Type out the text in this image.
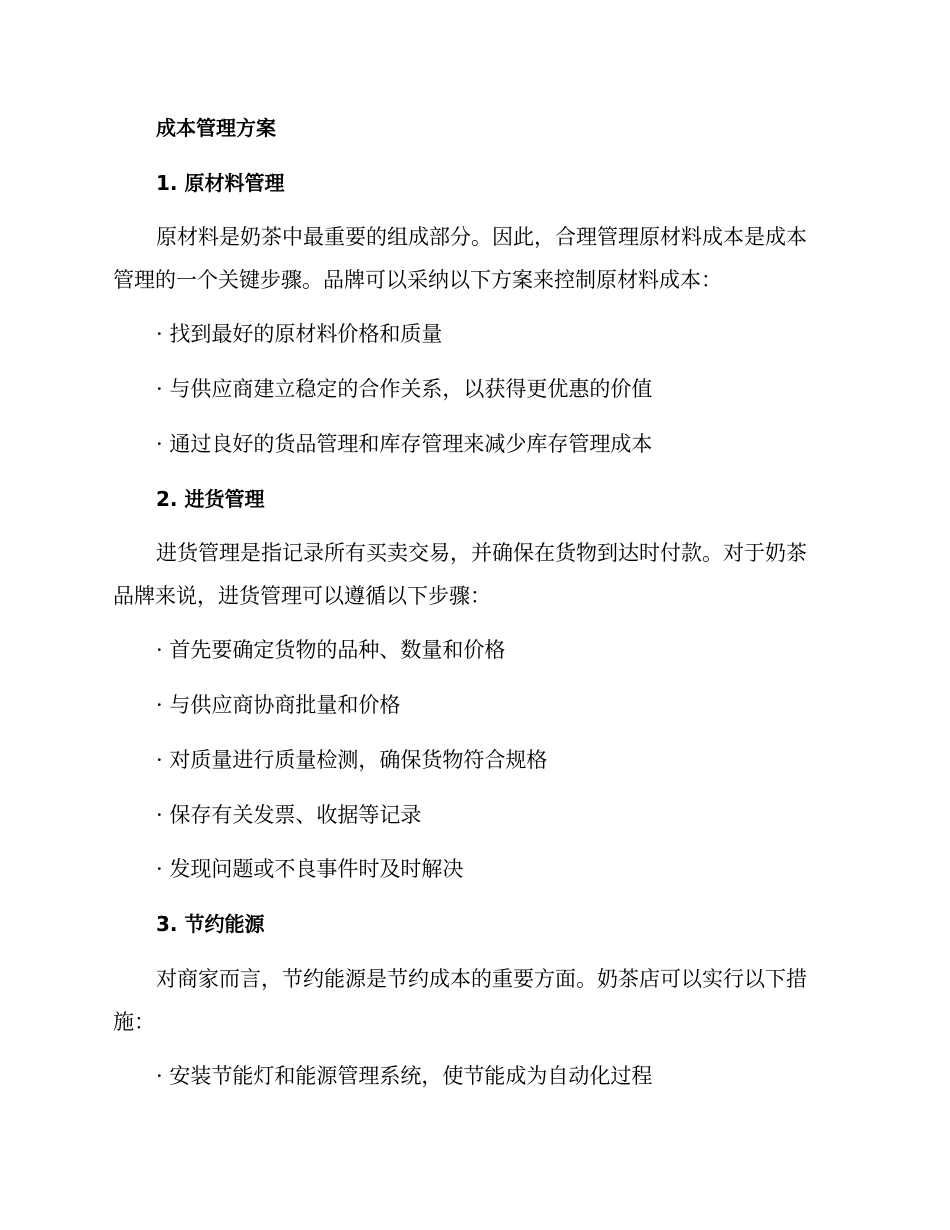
成本管理方案
1. 原材料管理
原材料是奶茶中最重要的组成部分。因此，合理管理原材料成本是成本
管理的一个关键步骤。品牌可以采纳以下方案来控制原材料成本：
· 找到最好的原材料价格和质量
· 与供应商建立稳定的合作关系，以获得更优惠的价值
· 通过良好的货品管理和库存管理来减少库存管理成本
2. 进货管理
进货管理是指记录所有买卖交易，并确保在货物到达时付款。对于奶茶
品牌来说，进货管理可以遵循以下步骤：
· 首先要确定货物的品种、数量和价格
· 与供应商协商批量和价格
· 对质量进行质量检测，确保货物符合规格
· 保存有关发票、收据等记录
· 发现问题或不良事件时及时解决
3. 节约能源
对商家而言，节约能源是节约成本的重要方面。奶茶店可以实行以下措
施：
· 安装节能灯和能源管理系统，使节能成为自动化过程
